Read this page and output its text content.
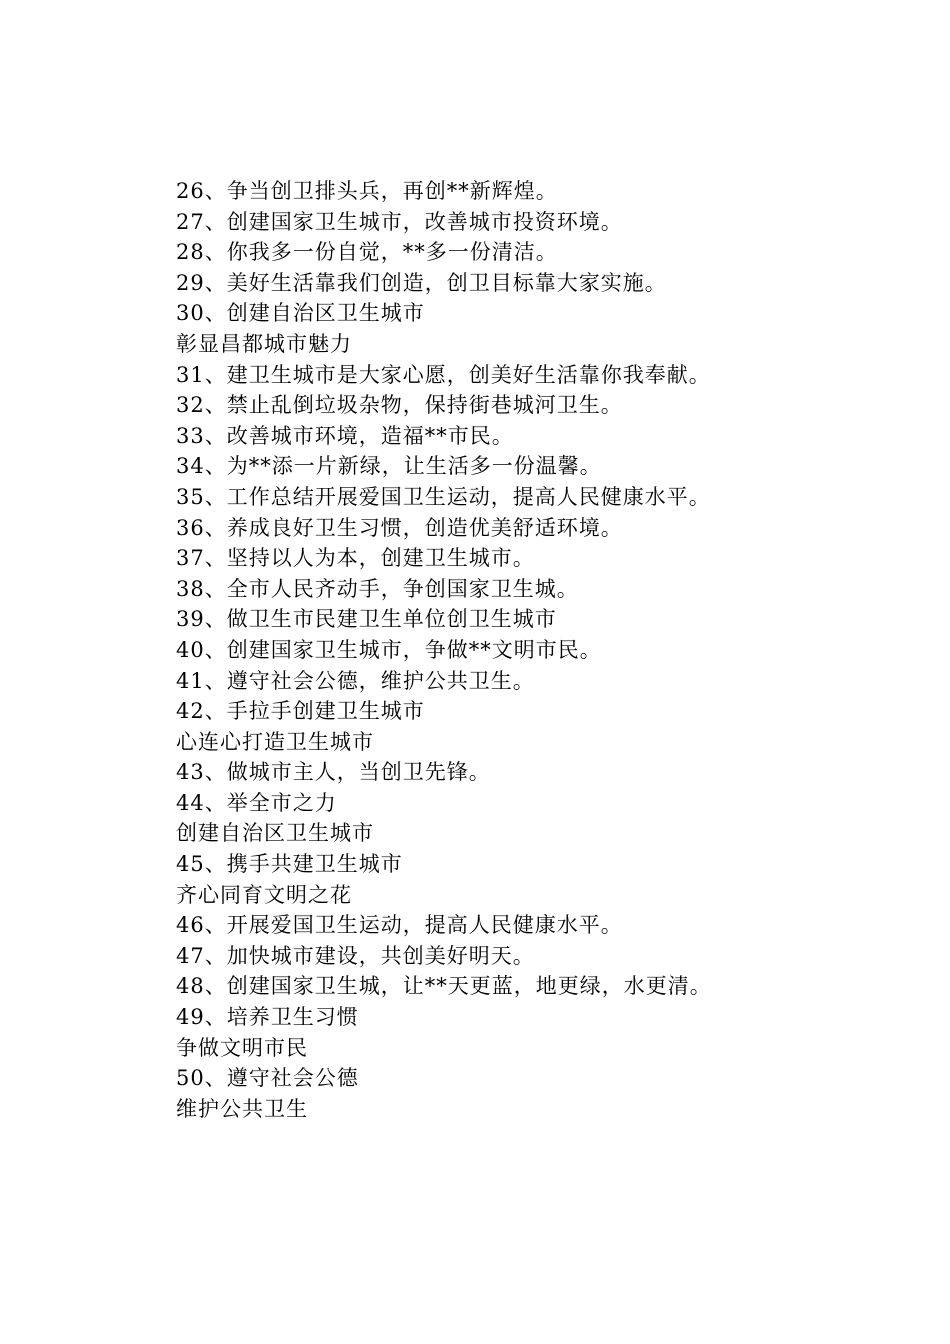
26、争当创卫排头兵，再创**新辉煌。
27、创建国家卫生城市，改善城市投资环境。
28、你我多一份自觉，**多一份清洁。
29、美好生活靠我们创造，创卫目标靠大家实施。
30、创建自治区卫生城市
彰显昌都城市魅力
31、建卫生城市是大家心愿，创美好生活靠你我奉献。
32、禁止乱倒垃圾杂物，保持街巷城河卫生。
33、改善城市环境，造福**市民。
34、为**添一片新绿，让生活多一份温馨。
35、工作总结开展爱国卫生运动，提高人民健康水平。
36、养成良好卫生习惯，创造优美舒适环境。
37、坚持以人为本，创建卫生城市。
38、全市人民齐动手，争创国家卫生城。
39、做卫生市民建卫生单位创卫生城市
40、创建国家卫生城市，争做**文明市民。
41、遵守社会公德，维护公共卫生。
42、手拉手创建卫生城市
心连心打造卫生城市
43、做城市主人，当创卫先锋。
44、举全市之力
创建自治区卫生城市
45、携手共建卫生城市
齐心同育文明之花
46、开展爱国卫生运动，提高人民健康水平。
47、加快城市建设，共创美好明天。
48、创建国家卫生城，让**天更蓝，地更绿，水更清。
49、培养卫生习惯
争做文明市民
50、遵守社会公德
维护公共卫生
